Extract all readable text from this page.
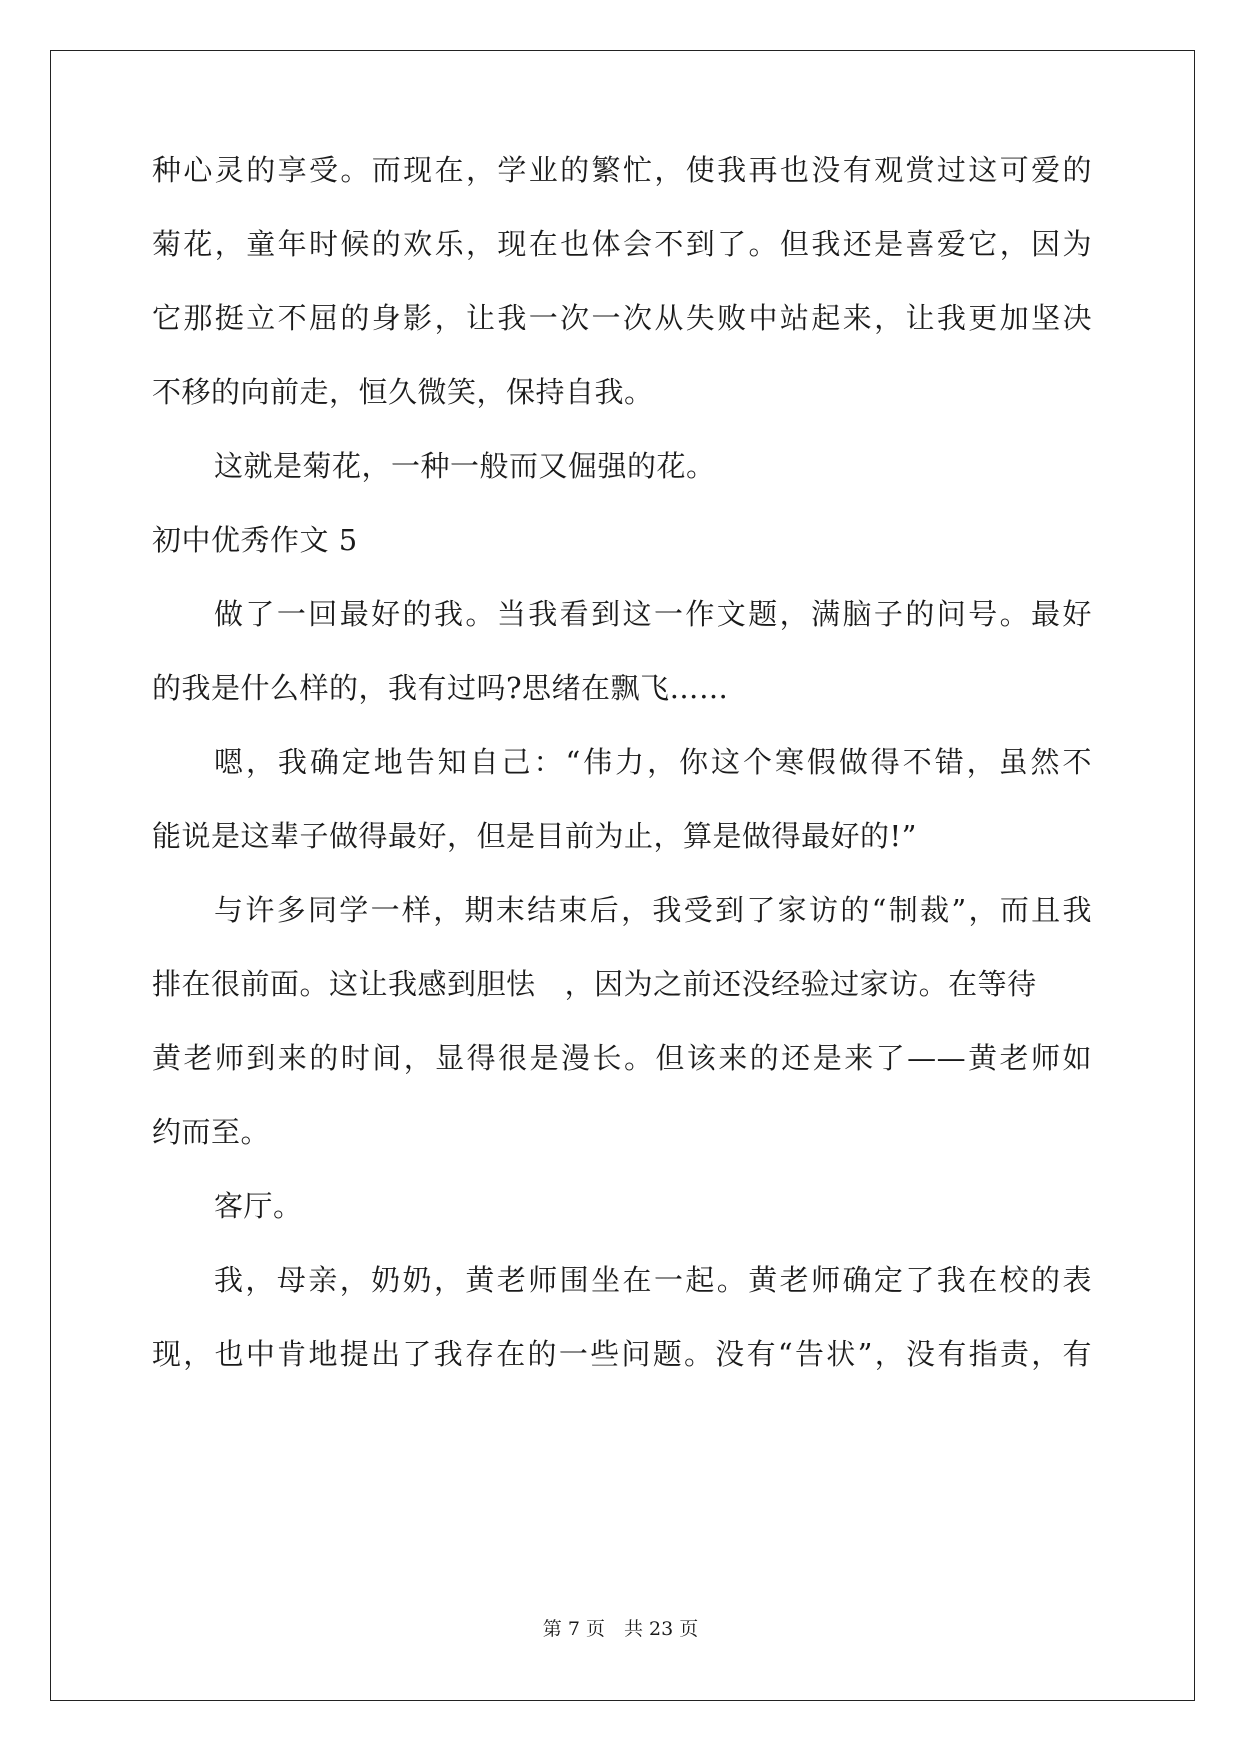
种心灵的享受。而现在，学业的繁忙，使我再也没有观赏过这可爱的
菊花，童年时候的欢乐，现在也体会不到了。但我还是喜爱它，因为
它那挺立不屈的身影，让我一次一次从失败中站起来，让我更加坚决
不移的向前走，恒久微笑，保持自我。
这就是菊花，一种一般而又倔强的花。
初中优秀作文 5
做了一回最好的我。当我看到这一作文题，满脑子的问号。最好
的我是什么样的，我有过吗?思绪在飘飞……
嗯，我确定地告知自己：“伟力，你这个寒假做得不错，虽然不
能说是这辈子做得最好，但是目前为止，算是做得最好的!”
与许多同学一样，期末结束后，我受到了家访的“制裁”，而且我
排在很前面。这让我感到胆怯   ，因为之前还没经验过家访。在等待
黄老师到来的时间，显得很是漫长。但该来的还是来了——黄老师如
约而至。
客厅。
我，母亲，奶奶，黄老师围坐在一起。黄老师确定了我在校的表
现，也中肯地提出了我存在的一些问题。没有“告状”，没有指责，有
第 7 页　共 23 页
